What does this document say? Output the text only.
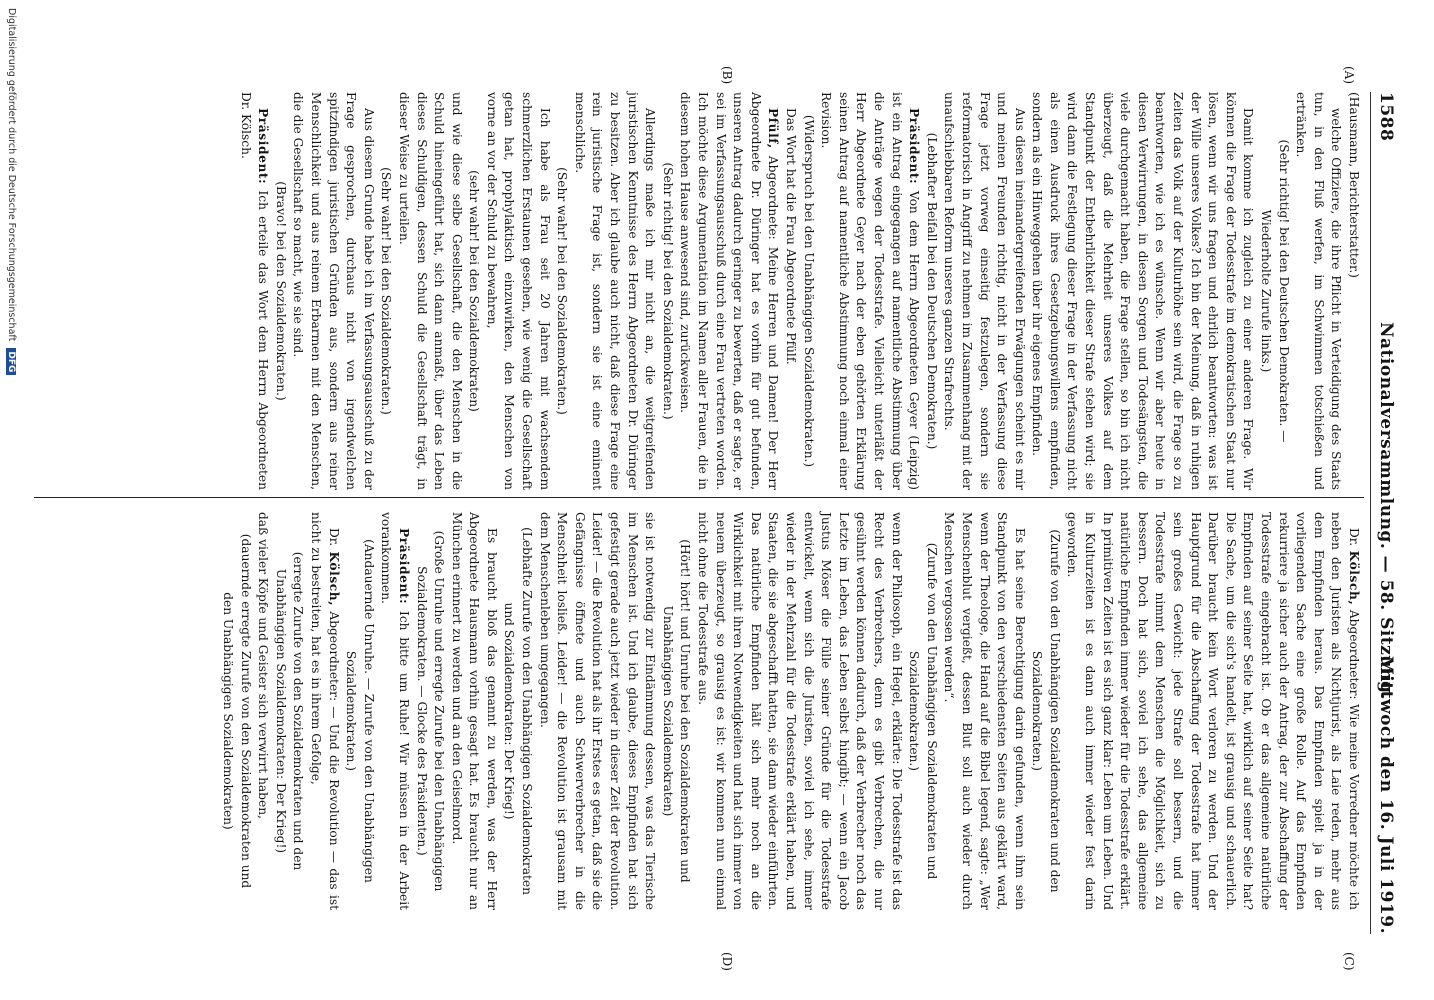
1588
Nationalversammlung. — 58. Sitzung.
Mittwoch den 16. Juli 1919.
(A)
(B)
(C)
(D)

(Hausmann, Berichterstatter.)

welche Offiziere, die ihre Pflicht in Verteidigung des Staats tun, in den Fluß werfen, im Schwimmen totschießen und ertränken.

(Sehr richtig! bei den Deutschen Demokraten. — Wiederholte Zurufe links.)

Damit komme ich zugleich zu einer anderen Frage. Wir können die Frage der Todesstrafe im demokratischen Staat nur lösen, wenn wir uns fragen und ehrlich beantworten: was ist der Wille unseres Volkes? Ich bin der Meinung, daß in ruhigen Zeiten das Volk auf der Kulturhöhe sein wird, die Frage so zu beantworten, wie ich es wünsche. Wenn wir aber heute in diesen Verwirrungen, in diesen Sorgen und Todesängsten, die viele durchgemacht haben, die Frage stellen, so bin ich nicht überzeugt, daß die Mehrheit unseres Volkes auf dem Standpunkt der Entbehrlichkeit dieser Strafe stehen wird; sie wird dann die Festlegung dieser Frage in der Verfassung nicht als einen Ausdruck ihres Gesetzgebungswillens empfinden, sondern als ein Hinweggehen über ihr eigenes Empfinden.

Aus diesen ineinandergreifenden Erwägungen scheint es mir und meinen Freunden richtig, nicht in der Verfassung diese Frage jetzt vorweg einseitig festzulegen, sondern sie reformatorisch in Angriff zu nehmen im Zusammenhang mit der unaufschiebbaren Reform unseres ganzen Strafrechts.

(Lebhafter Beifall bei den Deutschen Demokraten.)

Präsident: Von dem Herrn Abgeordneten Geyer (Leipzig) ist ein Antrag eingegangen auf namentliche Abstimmung über die Anträge wegen der Todesstrafe. Vielleicht unterläßt der Herr Abgeordnete Geyer nach der eben gehörten Erklärung seinen Antrag auf namentliche Abstimmung noch einmal einer Revision.

(Widerspruch bei den Unabhängigen Sozialdemokraten.)

Das Wort hat die Frau Abgeordnete Pfülf.

Pfülf, Abgeordnete: Meine Herren und Damen! Der Herr Abgeordnete Dr. Düringer hat es vorhin für gut befunden, unseren Antrag dadurch geringer zu bewerten, daß er sagte, er sei im Verfassungsausschuß durch eine Frau vertreten worden. Ich möchte diese Argumentation im Namen aller Frauen, die in diesem hohen Hause anwesend sind, zurückweisen.

(Sehr richtig! bei den Sozialdemokraten.)

Allerdings maße ich mir nicht an, die weitgreifenden juristischen Kenntnisse des Herrn Abgeordneten Dr. Düringer zu besitzen. Aber ich glaube auch nicht, daß diese Frage eine rein juristische Frage ist, sondern sie ist eine eminent menschliche.

(Sehr wahr! bei den Sozialdemokraten.)

Ich habe als Frau seit 20 Jahren mit wachsendem schmerzlichen Erstaunen gesehen, wie wenig die Gesellschaft getan hat, prophylaktisch einzuwirken, den Menschen von vorne an vor der Schuld zu bewahren,

(sehr wahr! bei den Sozialdemokraten)

und wie diese selbe Gesellschaft, die den Menschen in die Schuld hineingeführt hat, sich dann anmaßt, über das Leben dieses Schuldigen, dessen Schuld die Gesellschaft trägt, in dieser Weise zu urteilen.

(Sehr wahr! bei den Sozialdemokraten.)

Aus diesem Grunde habe ich im Verfassungsausschuß zu der Frage gesprochen, durchaus nicht von irgendwelchen spitzfindigen juristischen Gründen aus, sondern aus reiner Menschlichkeit und aus reinem Erbarmen mit den Menschen, die die Gesellschaft so macht, wie sie sind.

(Bravo! bei den Sozialdemokraten.)

Präsident: Ich erteile das Wort dem Herrn Abgeordneten Dr. Kölsch.

Dr. Kölsch, Abgeordneter: Wie meine Vorredner möchte ich neben den Juristen als Nichtjurist, als Laie reden, mehr aus dem Empfinden heraus. Das Empfinden spielt ja in der vorliegenden Sache eine große Rolle. Auf das Empfinden rekurriere ja sicher auch der Antrag, der zur Abschaffung der Todesstrafe eingebracht ist. Ob er das allgemeine natürliche Empfinden auf seiner Seite hat, wirklich auf seiner Seite hat? Die Sache, um die sich's handelt, ist grausig und schauerlich. Darüber braucht kein Wort verloren zu werden. Und der Hauptgrund für die Abschaffung der Todesstrafe hat immer sein großes Gewicht: jede Strafe soll bessern, und die Todesstrafe nimmt dem Menschen die Möglichkeit, sich zu bessern. Doch hat sich, soviel ich sehe, das allgemeine natürliche Empfinden immer wieder für die Todesstrafe erklärt. In primitiven Zeiten ist es sich ganz klar: Leben um Leben. Und in Kulturzeiten ist es dann auch immer wieder fest darin geworden.

(Zurufe von den Unabhängigen Sozialdemokraten und den Sozialdemokraten.)

Es hat seine Berechtigung darin gefunden, wenn ihm sein Standpunkt von den verschiedensten Seiten aus geklärt ward, wenn der Theologe, die Hand auf die Bibel legend, sagte: „Wer Menschenblut vergießt, dessen Blut soll auch wieder durch Menschen vergossen werden“.

(Zurufe von den Unabhängigen Sozialdemokraten und Sozialdemokraten.)

wenn der Philosoph, ein Hegel, erklärte: Die Todesstrafe ist das Recht des Verbrechers, denn es gibt Verbrechen, die nur gesühnt werden können dadurch, daß der Verbrecher noch das Letzte im Leben, das Leben selbst hingibt; — wenn ein Jacob Justus Möser die Fülle seiner Gründe für die Todesstrafe entwickelt, wenn sich die Juristen, soviel ich sehe, immer wieder in der Mehrzahl für die Todesstrafe erklärt haben, und Staaten, die sie abgeschafft hatten, sie dann wieder einführten. Das natürliche Empfinden hält sich mehr noch an die Wirklichkeit mit ihren Notwendigkeiten und hat sich immer von neuem überzeugt, so grausig es ist: wir kommen nun einmal nicht ohne die Todesstrafe aus.

(Hört! hört! und Unruhe bei den Sozialdemokraten und Unabhängigen Sozialdemokraten)

sie ist notwendig zur Eindämmung dessen, was das Tierische im Menschen ist. Und ich glaube, dieses Empfinden hat sich gefestigt gerade auch jetzt wieder in dieser Zeit der Revolution. Leider! — die Revolution hat als ihr Erstes es getan, daß sie die Gefängnisse öffnete und auch Schwerverbrecher in die Menschheit losließ. Leider! — die Revolution ist grausam mit dem Menschenleben umgegangen.

(Lebhafte Zurufe von den Unabhängigen Sozialdemokraten und Sozialdemokraten: Der Krieg!)

Es braucht bloß das genannt zu werden, was der Herr Abgeordnete Hausmann vorhin gesagt hat. Es braucht nur an München erinnert zu werden und an den Geiselmord.

(Große Unruhe und erregte Zurufe bei den Unabhängigen Sozialdemokraten. — Glocke des Präsidenten.)

Präsident: Ich bitte um Ruhe! Wir müssen in der Arbeit vorankommen.

(Andauernde Unruhe. — Zurufe von den Unabhängigen Sozialdemokraten.)

Dr. Kölsch, Abgeordneter: — Und die Revolution — das ist nicht zu bestreiten, hat es in ihrem Gefolge,

(erregte Zurufe von den Sozialdemokraten und den Unabhängigen Sozialdemokraten: Der Krieg!)

daß vieler Köpfe und Geister sich verwirrt haben,

(dauernde erregte Zurufe von den Sozialdemokraten und den Unabhängigen Sozialdemokraten)

Digitalisierung gefördert durch die Deutsche Forschungsgemeinschaft DFG
